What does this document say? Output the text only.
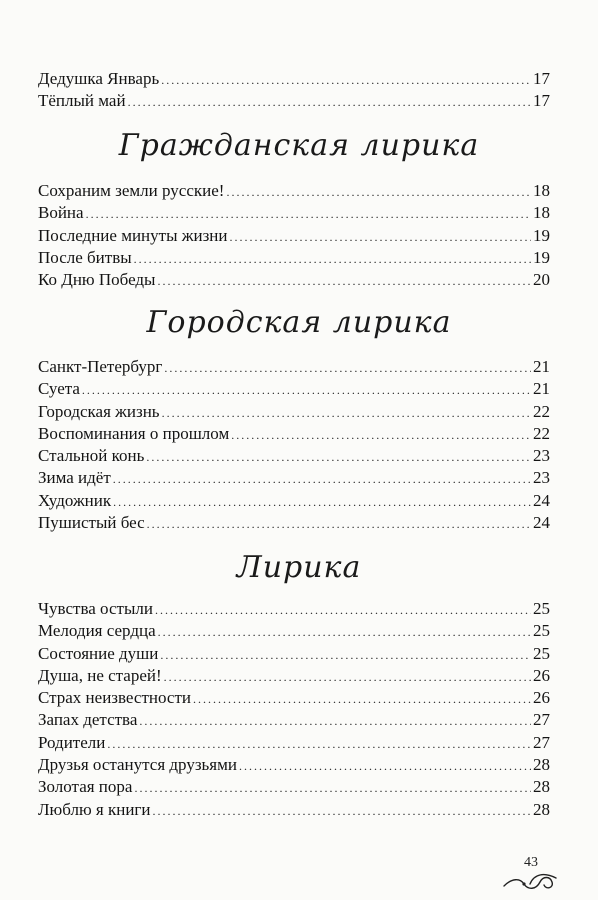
Дедушка Январь .....	17
Тёплый май .....	17
Гражданская лирика
Сохраним земли русские! .....	18
Война .....	18
Последние минуты жизни .....	19
После битвы .....	19
Ко Дню Победы .....	20
Городская лирика
Санкт-Петербург .....	21
Суета .....	21
Городская жизнь .....	22
Воспоминания о прошлом .....	22
Стальной конь .....	23
Зима идёт .....	23
Художник .....	24
Пушистый бес .....	24
Лирика
Чувства остыли .....	25
Мелодия сердца .....	25
Состояние души .....	25
Душа, не старей! .....	26
Страх неизвестности .....	26
Запах детства .....	27
Родители .....	27
Друзья останутся друзьями .....	28
Золотая пора .....	28
Люблю я книги .....	28
43
